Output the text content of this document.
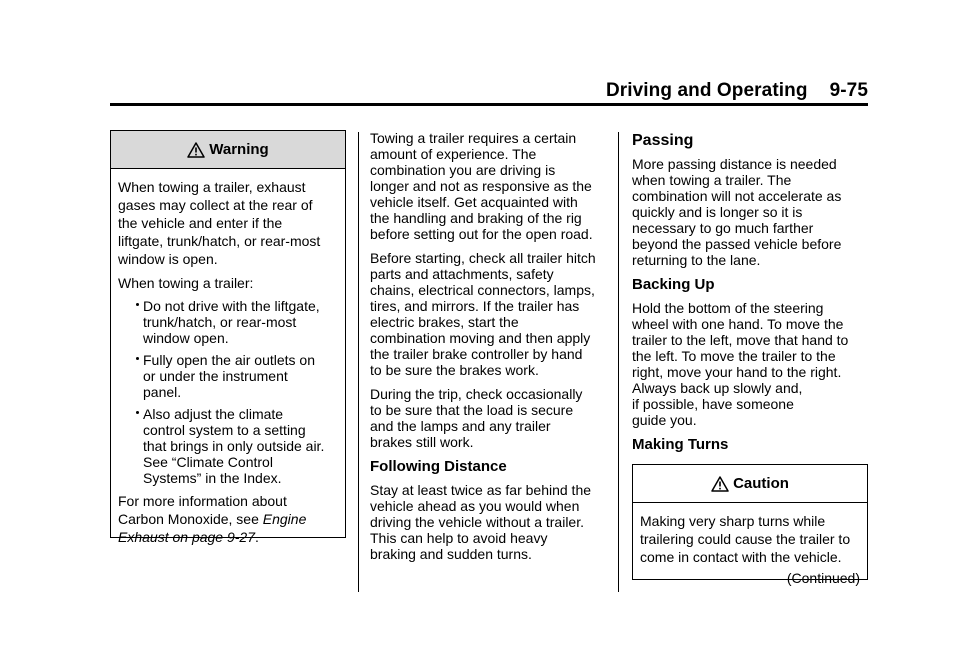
Driving and Operating 9-75
Warning

When towing a trailer, exhaust
gases may collect at the rear of
the vehicle and enter if the
liftgate, trunk/hatch, or rear-most
window is open.

When towing a trailer:

Do not drive with the liftgate,
trunk/hatch, or rear-most
window open.
Fully open the air outlets on
or under the instrument
panel.
Also adjust the climate
control system to a setting
that brings in only outside air.
See “Climate Control
Systems” in the Index.

For more information about
Carbon Monoxide, see Engine
Exhaust on page 9-27.

Towing a trailer requires a certain
amount of experience. The
combination you are driving is
longer and not as responsive as the
vehicle itself. Get acquainted with
the handling and braking of the rig
before setting out for the open road.

Before starting, check all trailer hitch
parts and attachments, safety
chains, electrical connectors, lamps,
tires, and mirrors. If the trailer has
electric brakes, start the
combination moving and then apply
the trailer brake controller by hand
to be sure the brakes work.

During the trip, check occasionally
to be sure that the load is secure
and the lamps and any trailer
brakes still work.

Following Distance

Stay at least twice as far behind the
vehicle ahead as you would when
driving the vehicle without a trailer.
This can help to avoid heavy
braking and sudden turns.

Passing

More passing distance is needed
when towing a trailer. The
combination will not accelerate as
quickly and is longer so it is
necessary to go much farther
beyond the passed vehicle before
returning to the lane.

Backing Up

Hold the bottom of the steering
wheel with one hand. To move the
trailer to the left, move that hand to
the left. To move the trailer to the
right, move your hand to the right.
Always back up slowly and,
if possible, have someone
guide you.

Making Turns
Caution
Making very sharp turns while
trailering could cause the trailer to
come in contact with the vehicle.
(Continued)
